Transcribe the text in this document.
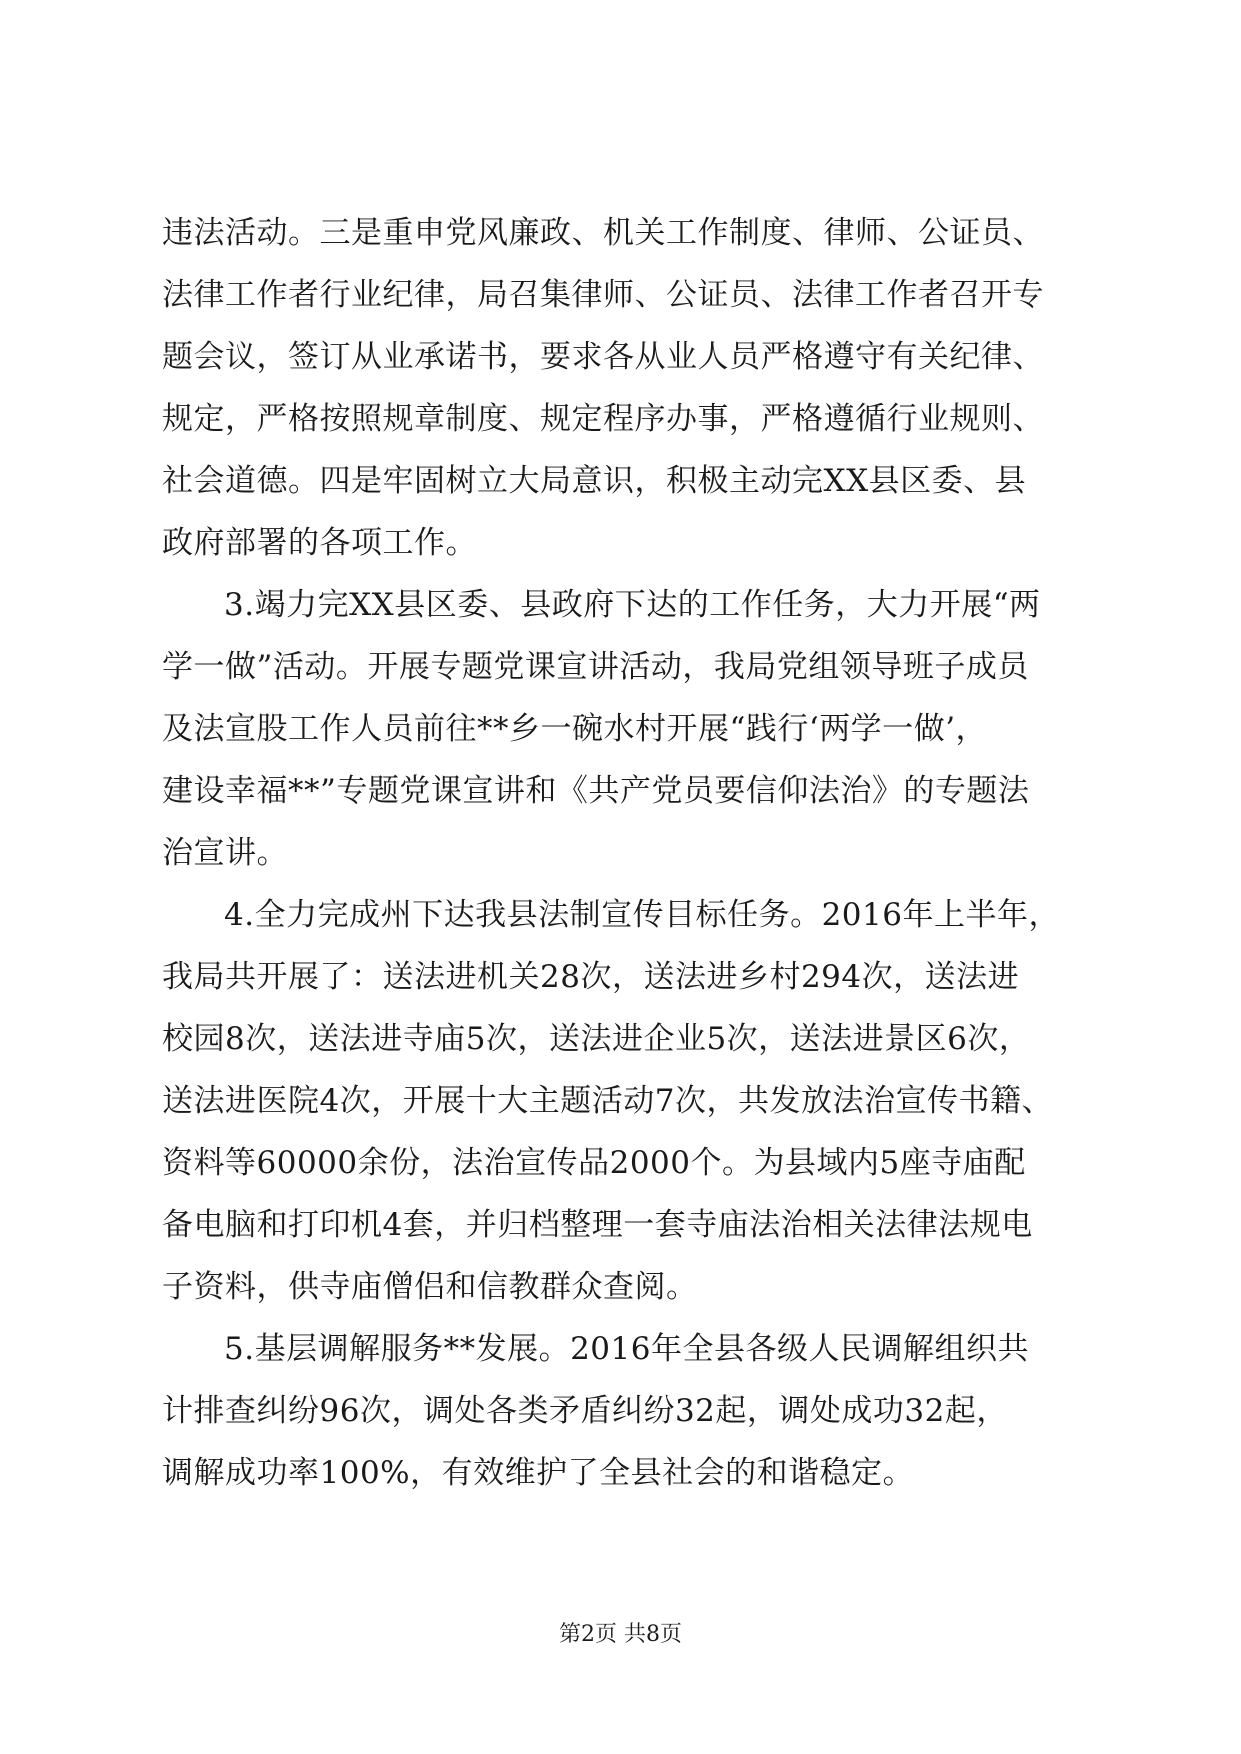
违法活动。三是重申党风廉政、机关工作制度、律师、公证员、
法律工作者行业纪律，局召集律师、公证员、法律工作者召开专
题会议，签订从业承诺书，要求各从业人员严格遵守有关纪律、
规定，严格按照规章制度、规定程序办事，严格遵循行业规则、
社会道德。四是牢固树立大局意识，积极主动完XX县区委、县
政府部署的各项工作。

3.竭力完XX县区委、县政府下达的工作任务，大力开展“两
学一做”活动。开展专题党课宣讲活动，我局党组领导班子成员
及法宣股工作人员前往**乡一碗水村开展“践行‘两学一做’，
建设幸福**”专题党课宣讲和《共产党员要信仰法治》的专题法
治宣讲。

4.全力完成州下达我县法制宣传目标任务。2016年上半年，
我局共开展了：送法进机关28次，送法进乡村294次，送法进
校园8次，送法进寺庙5次，送法进企业5次，送法进景区6次，
送法进医院4次，开展十大主题活动7次，共发放法治宣传书籍、
资料等60000余份，法治宣传品2000个。为县域内5座寺庙配
备电脑和打印机4套，并归档整理一套寺庙法治相关法律法规电
子资料，供寺庙僧侣和信教群众查阅。

5.基层调解服务**发展。2016年全县各级人民调解组织共
计排查纠纷96次，调处各类矛盾纠纷32起，调处成功32起，
调解成功率100%，有效维护了全县社会的和谐稳定。

第2页 共8页
